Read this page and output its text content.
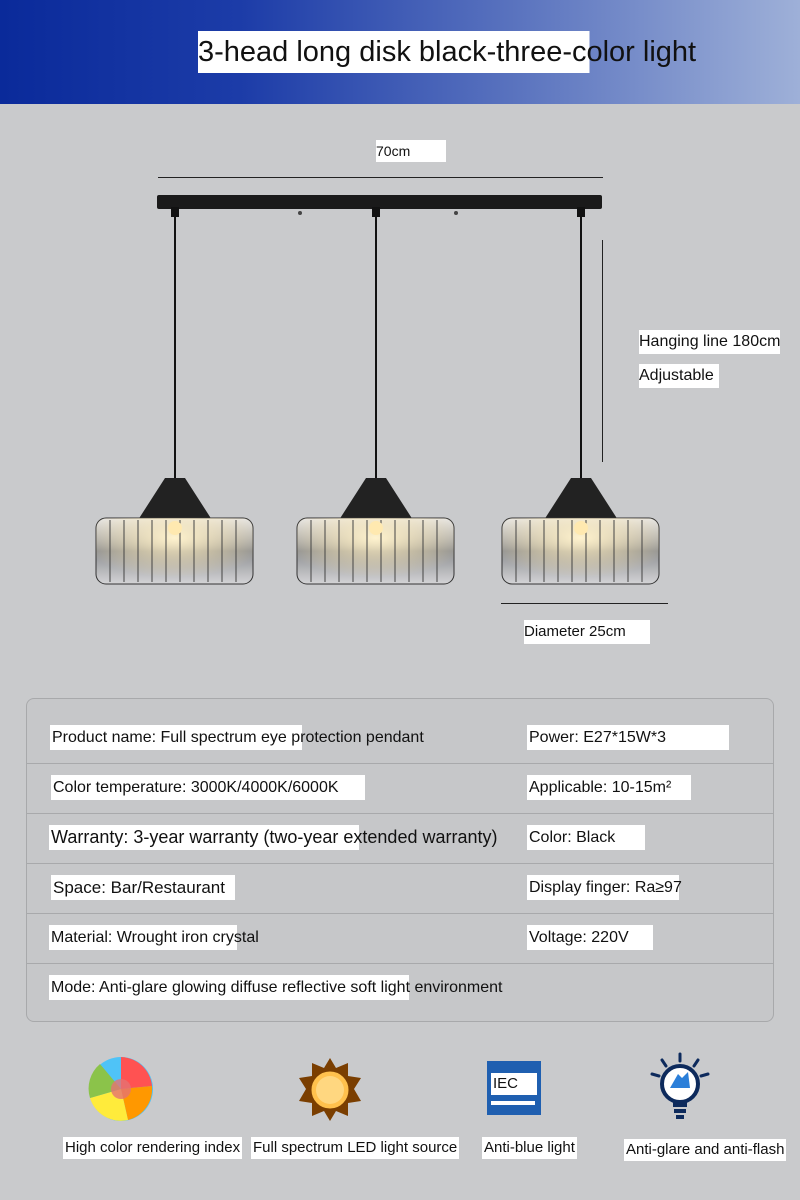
3-head long disk black-three-color light
70cm
Hanging line 180cm
Adjustable
Diameter 25cm
Product name: Full spectrum eye protection pendant	Power: E27*15W*3
Color temperature: 3000K/4000K/6000K	Applicable: 10-15m²
Warranty: 3-year warranty (two-year extended warranty) Color: Black
Space: Bar/Restaurant	Display finger: Ra≥97
Material: Wrought iron crystal	Voltage: 220V
Mode: Anti-glare glowing diffuse reflective soft light environment
High color rendering index Full spectrum LED light source
IEC
Anti-blue light	Anti-glare and anti-flash
